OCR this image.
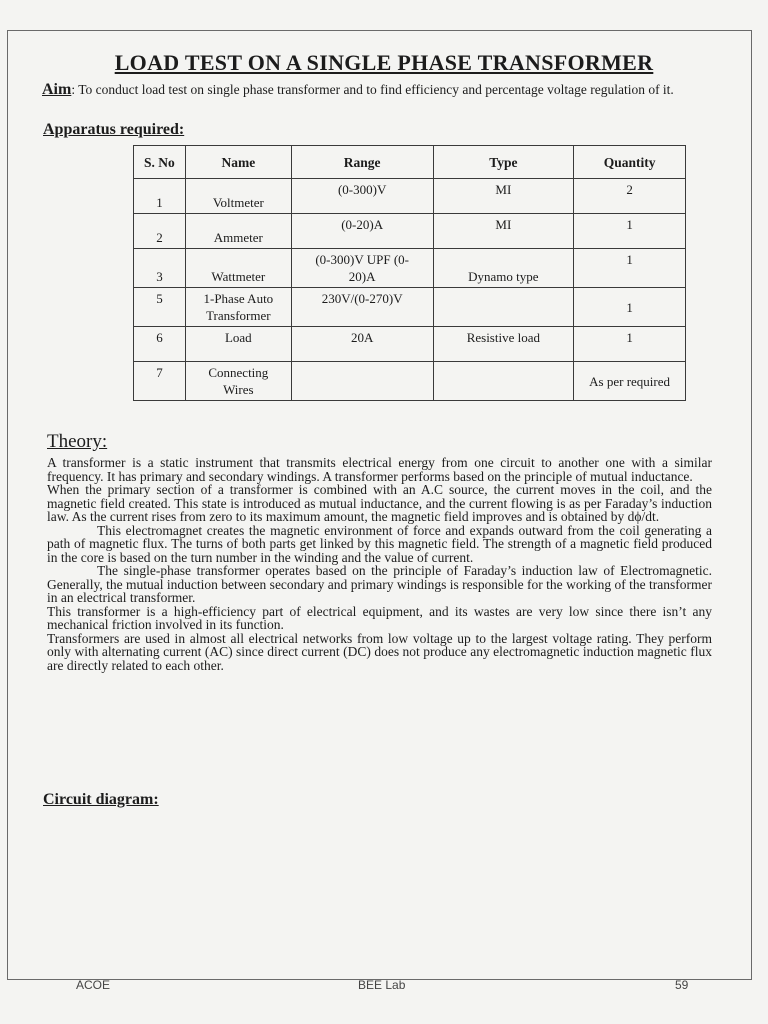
LOAD TEST ON A SINGLE PHASE TRANSFORMER
Aim: To conduct load test on single phase transformer and to find efficiency and percentage voltage regulation of it.
Apparatus required:
S. No	Name	Range	Type	Quantity
1	Voltmeter	(0-300)V	MI	2
2	Ammeter	(0-20)A	MI	1
3	Wattmeter	(0-300)V UPF (0-20)A	Dynamo type	1
5	1-Phase Auto Transformer	230V/(0-270)V		1
6	Load	20A	Resistive load	1
7	Connecting Wires			As per required
Theory:

A transformer is a static instrument that transmits electrical energy from one circuit to another one with a similar frequency. It has primary and secondary windings. A transformer performs based on the principle of mutual inductance.

When the primary section of a transformer is combined with an A.C source, the current moves in the coil, and the magnetic field created. This state is introduced as mutual inductance, and the current flowing is as per Faraday’s induction law. As the current rises from zero to its maximum amount, the magnetic field improves and is obtained by dϕ/dt.

This electromagnet creates the magnetic environment of force and expands outward from the coil generating a path of magnetic flux. The turns of both parts get linked by this magnetic field. The strength of a magnetic field produced in the core is based on the turn number in the winding and the value of current.

The single-phase transformer operates based on the principle of Faraday’s induction law of Electromagnetic. Generally, the mutual induction between secondary and primary windings is responsible for the working of the transformer in an electrical transformer.

This transformer is a high-efficiency part of electrical equipment, and its wastes are very low since there isn’t any mechanical friction involved in its function.

Transformers are used in almost all electrical networks from low voltage up to the largest voltage rating. They perform only with alternating current (AC) since direct current (DC) does not produce any electromagnetic induction magnetic flux are directly related to each other.

Circuit diagram:
ACOE	BEE Lab	59
